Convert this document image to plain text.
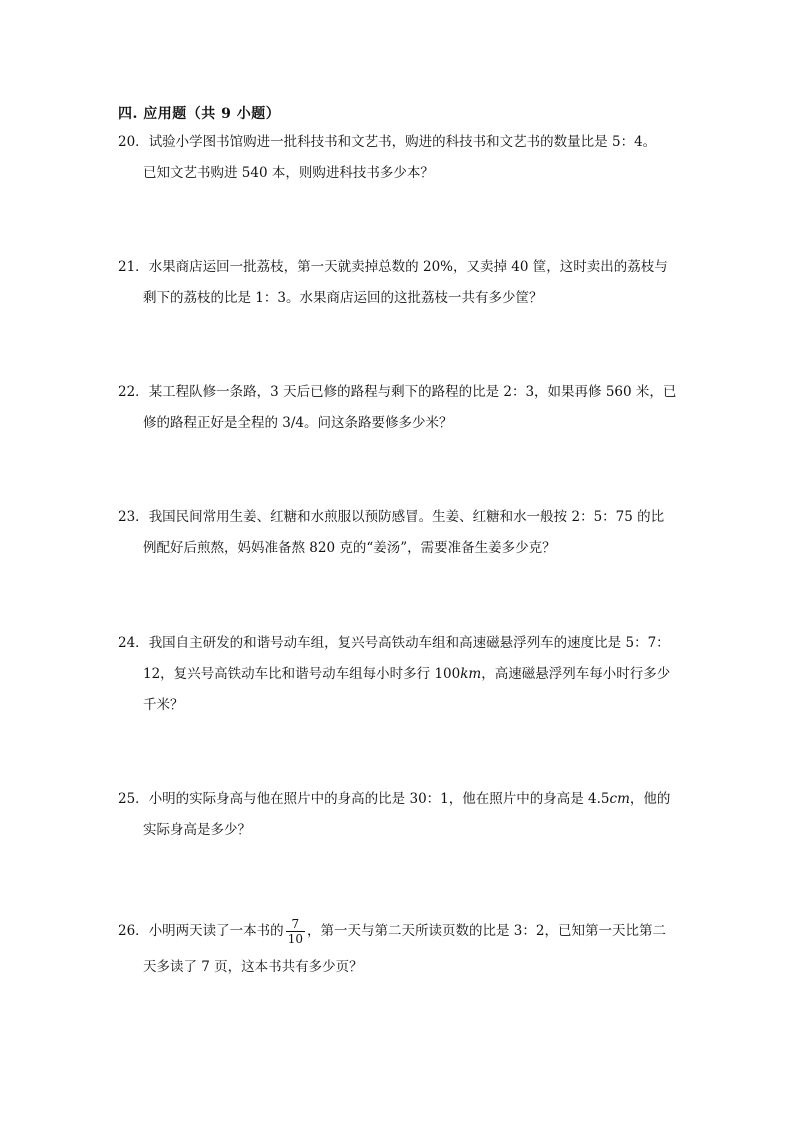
四. 应用题（共 9 小题）
20．试验小学图书馆购进一批科技书和文艺书，购进的科技书和文艺书的数量比是 5：4。
已知文艺书购进 540 本，则购进科技书多少本？
21．水果商店运回一批荔枝，第一天就卖掉总数的 20%，又卖掉 40 筐，这时卖出的荔枝与
剩下的荔枝的比是 1：3。水果商店运回的这批荔枝一共有多少筐？
22．某工程队修一条路，3 天后已修的路程与剩下的路程的比是 2：3，如果再修 560 米，已
修的路程正好是全程的 3/4。问这条路要修多少米？
23．我国民间常用生姜、红糖和水煎服以预防感冒。生姜、红糖和水一般按 2：5：75 的比
例配好后煎熬，妈妈准备熬 820 克的“姜汤”，需要准备生姜多少克？
24．我国自主研发的和谐号动车组，复兴号高铁动车组和高速磁悬浮列车的速度比是 5：7：
12，复兴号高铁动车比和谐号动车组每小时多行 100km，高速磁悬浮列车每小时行多少
千米？
25．小明的实际身高与他在照片中的身高的比是 30：1，他在照片中的身高是 4.5cm，他的
实际身高是多少？
26．小明两天读了一本书的 $\frac{7}{10}$ ，第一天与第二天所读页数的比是 3：2，已知第一天比第二
天多读了 7 页，这本书共有多少页？
